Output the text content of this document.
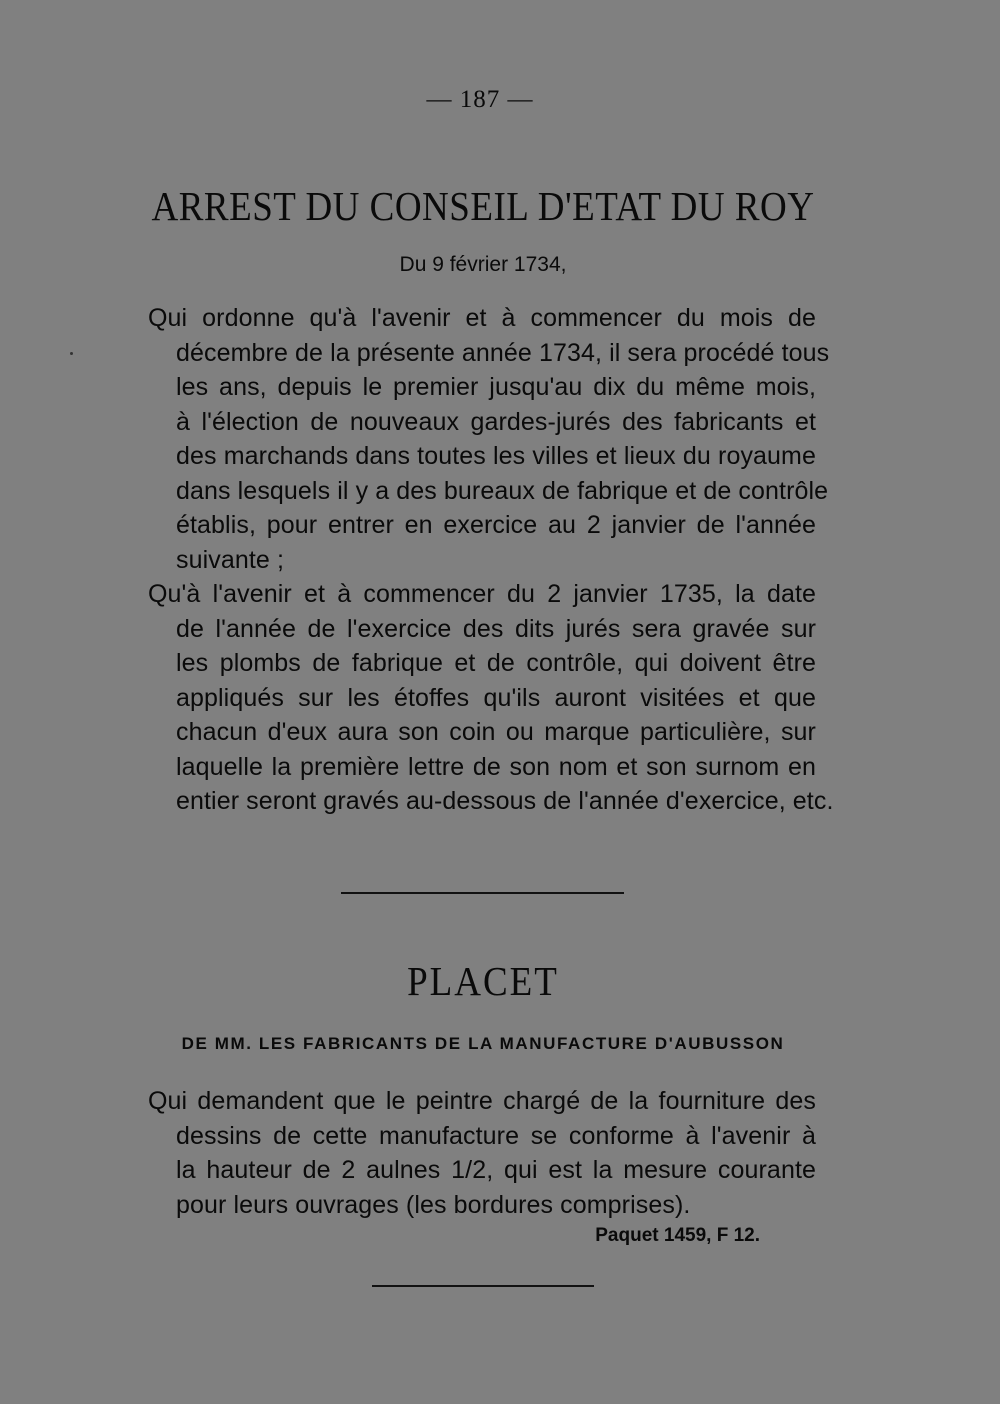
— 187 —
ARREST DU CONSEIL D'ETAT DU ROY
Du 9 février 1734,
Qui ordonne qu'à l'avenir et à commencer du mois de
décembre de la présente année 1734, il sera procédé tous
les ans, depuis le premier jusqu'au dix du même mois,
à l'élection de nouveaux gardes-jurés des fabricants et
des marchands dans toutes les villes et lieux du royaume
dans lesquels il y a des bureaux de fabrique et de contrôle
établis, pour entrer en exercice au 2 janvier de l'année
suivante ;
Qu'à l'avenir et à commencer du 2 janvier 1735, la date
de l'année de l'exercice des dits jurés sera gravée sur
les plombs de fabrique et de contrôle, qui doivent être
appliqués sur les étoffes qu'ils auront visitées et que
chacun d'eux aura son coin ou marque particulière, sur
laquelle la première lettre de son nom et son surnom en
entier seront gravés au-dessous de l'année d'exercice, etc.
PLACET
DE MM. LES FABRICANTS DE LA MANUFACTURE D'AUBUSSON
Qui demandent que le peintre chargé de la fourniture des
dessins de cette manufacture se conforme à l'avenir à
la hauteur de 2 aulnes 1/2, qui est la mesure courante
pour leurs ouvrages (les bordures comprises).
Paquet 1459, F 12.
